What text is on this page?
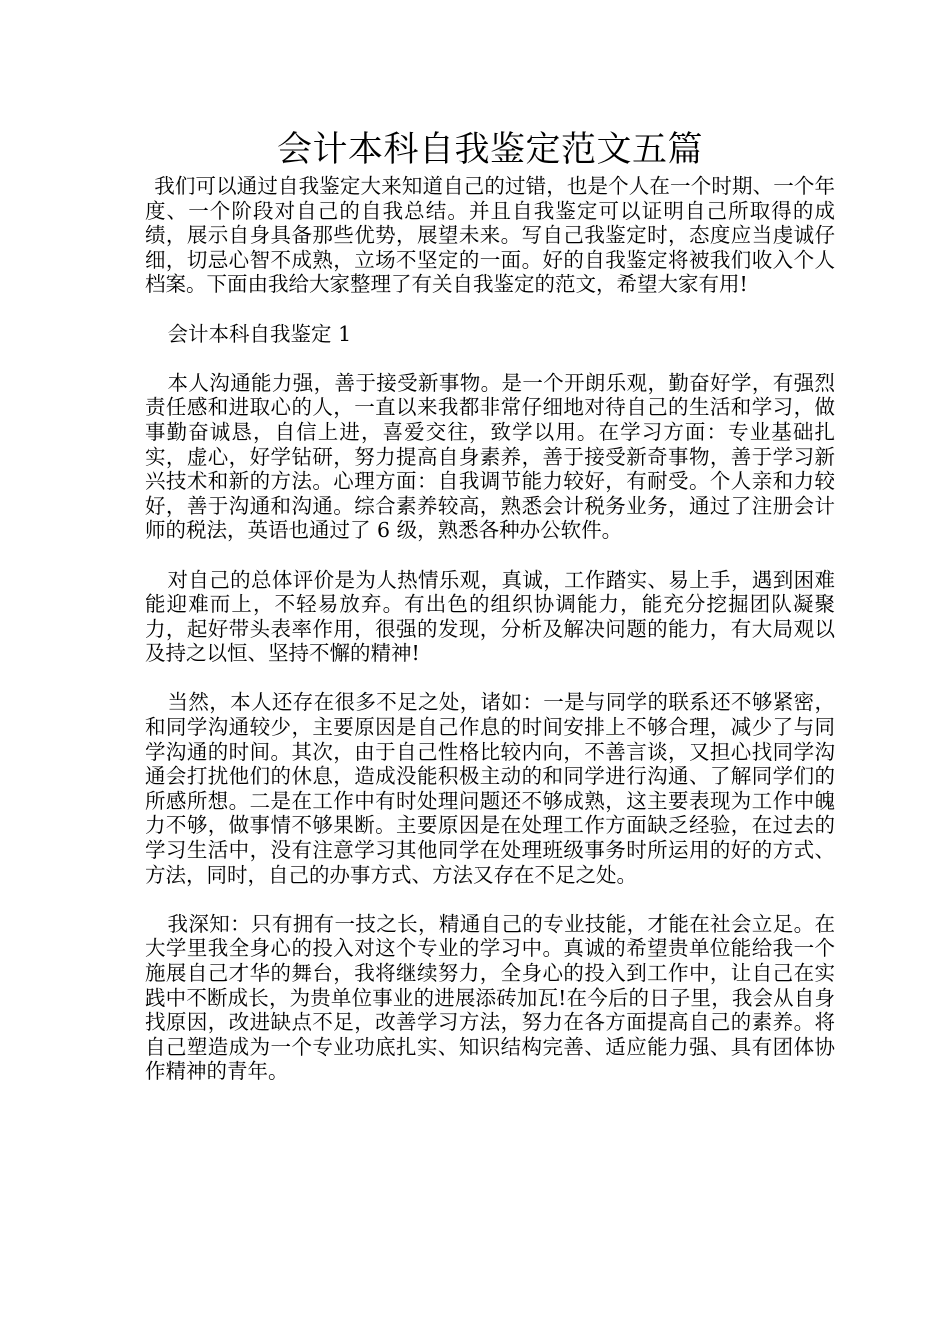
会计本科自我鉴定范文五篇

我们可以通过自我鉴定大来知道自己的过错，也是个人在一个时期、一个年度、一个阶段对自己的自我总结。并且自我鉴定可以证明自己所取得的成绩，展示自身具备那些优势，展望未来。写自己我鉴定时，态度应当虔诚仔细，切忌心智不成熟，立场不坚定的一面。好的自我鉴定将被我们收入个人档案。下面由我给大家整理了有关自我鉴定的范文，希望大家有用!

会计本科自我鉴定 1

本人沟通能力强，善于接受新事物。是一个开朗乐观，勤奋好学，有强烈责任感和进取心的人，一直以来我都非常仔细地对待自己的生活和学习，做事勤奋诚恳，自信上进，喜爱交往，致学以用。在学习方面：专业基础扎实，虚心，好学钻研，努力提高自身素养，善于接受新奇事物，善于学习新兴技术和新的方法。心理方面：自我调节能力较好，有耐受。个人亲和力较好，善于沟通和沟通。综合素养较高，熟悉会计税务业务，通过了注册会计师的税法，英语也通过了 6 级，熟悉各种办公软件。

对自己的总体评价是为人热情乐观，真诚，工作踏实、易上手，遇到困难能迎难而上，不轻易放弃。有出色的组织协调能力，能充分挖掘团队凝聚力，起好带头表率作用，很强的发现，分析及解决问题的能力，有大局观以及持之以恒、坚持不懈的精神!

当然，本人还存在很多不足之处，诸如：一是与同学的联系还不够紧密，和同学沟通较少，主要原因是自己作息的时间安排上不够合理，减少了与同学沟通的时间。其次，由于自己性格比较内向，不善言谈，又担心找同学沟通会打扰他们的休息，造成没能积极主动的和同学进行沟通、了解同学们的所感所想。二是在工作中有时处理问题还不够成熟，这主要表现为工作中魄力不够，做事情不够果断。主要原因是在处理工作方面缺乏经验，在过去的学习生活中，没有注意学习其他同学在处理班级事务时所运用的好的方式、方法，同时，自己的办事方式、方法又存在不足之处。

我深知：只有拥有一技之长，精通自己的专业技能，才能在社会立足。在大学里我全身心的投入对这个专业的学习中。真诚的希望贵单位能给我一个施展自己才华的舞台，我将继续努力，全身心的投入到工作中，让自己在实践中不断成长，为贵单位事业的进展添砖加瓦!在今后的日子里，我会从自身找原因，改进缺点不足，改善学习方法，努力在各方面提高自己的素养。将自己塑造成为一个专业功底扎实、知识结构完善、适应能力强、具有团体协作精神的青年。
